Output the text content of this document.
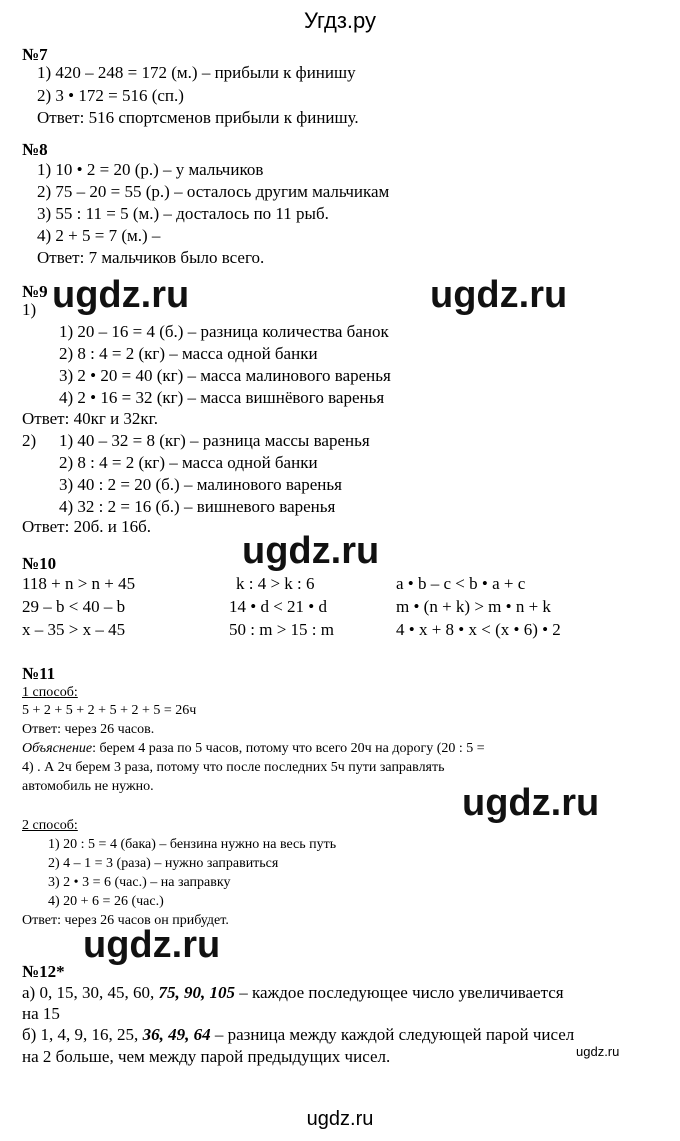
Угдз.ру
№7
1) 420 – 248 = 172 (м.) – прибыли к финишу
2) 3 • 172 = 516 (сп.)
Ответ: 516 спортсменов прибыли к финишу.
№8
1) 10 • 2 = 20 (р.) – у мальчиков
2) 75 – 20 = 55 (р.) – осталось другим мальчикам
3) 55 : 11 = 5 (м.) – досталось по 11 рыб.
4) 2 + 5 = 7 (м.) –
Ответ: 7 мальчиков было всего.
№9
1)
1) 20 – 16 = 4 (б.) – разница количества банок
2) 8 : 4 = 2 (кг) – масса одной банки
3) 2 • 20 = 40 (кг) – масса малинового варенья
4) 2 • 16 = 32 (кг) – масса вишнёвого варенья
Ответ: 40кг и 32кг.
2) 1) 40 – 32 = 8 (кг) – разница массы варенья
2) 8 : 4 = 2 (кг) – масса одной банки
3) 40 : 2 = 20 (б.) – малинового варенья
4) 32 : 2 = 16 (б.) – вишневого варенья
Ответ: 20б. и 16б.
№10
118 + n > n + 45	k : 4 > k : 6	a • b – c < b • a + c
29 – b < 40 – b	14 • d < 21 • d	m • (n + k) > m • n + k
x – 35 > x – 45	50 : m > 15 : m	4 • x + 8 • x < (x • 6) • 2
№11
1 способ:
5 + 2 + 5 + 2 + 5 + 2 + 5 = 26ч
Ответ: через 26 часов.
Объяснение: берем 4 раза по 5 часов, потому что всего 20ч на дорогу (20 : 5 =
4) . А 2ч берем 3 раза, потому что после последних 5ч пути заправлять
автомобиль не нужно.
2 способ:
1) 20 : 5 = 4 (бака) – бензина нужно на весь путь
2) 4 – 1 = 3 (раза) – нужно заправиться
3) 2 • 3 = 6 (час.) – на заправку
4) 20 + 6 = 26 (час.)
Ответ: через 26 часов он прибудет.
№12*
а) 0, 15, 30, 45, 60, 75, 90, 105 – каждое последующее число увеличивается
на 15
б) 1, 4, 9, 16, 25, 36, 49, 64 – разница между каждой следующей парой чисел
на 2 больше, чем между парой предыдущих чисел.
ugdz.ru	ugdz.ru
ugdz.ru
ugdz.ru
ugdz.ru
ugdz.ru
ugdz.ru
